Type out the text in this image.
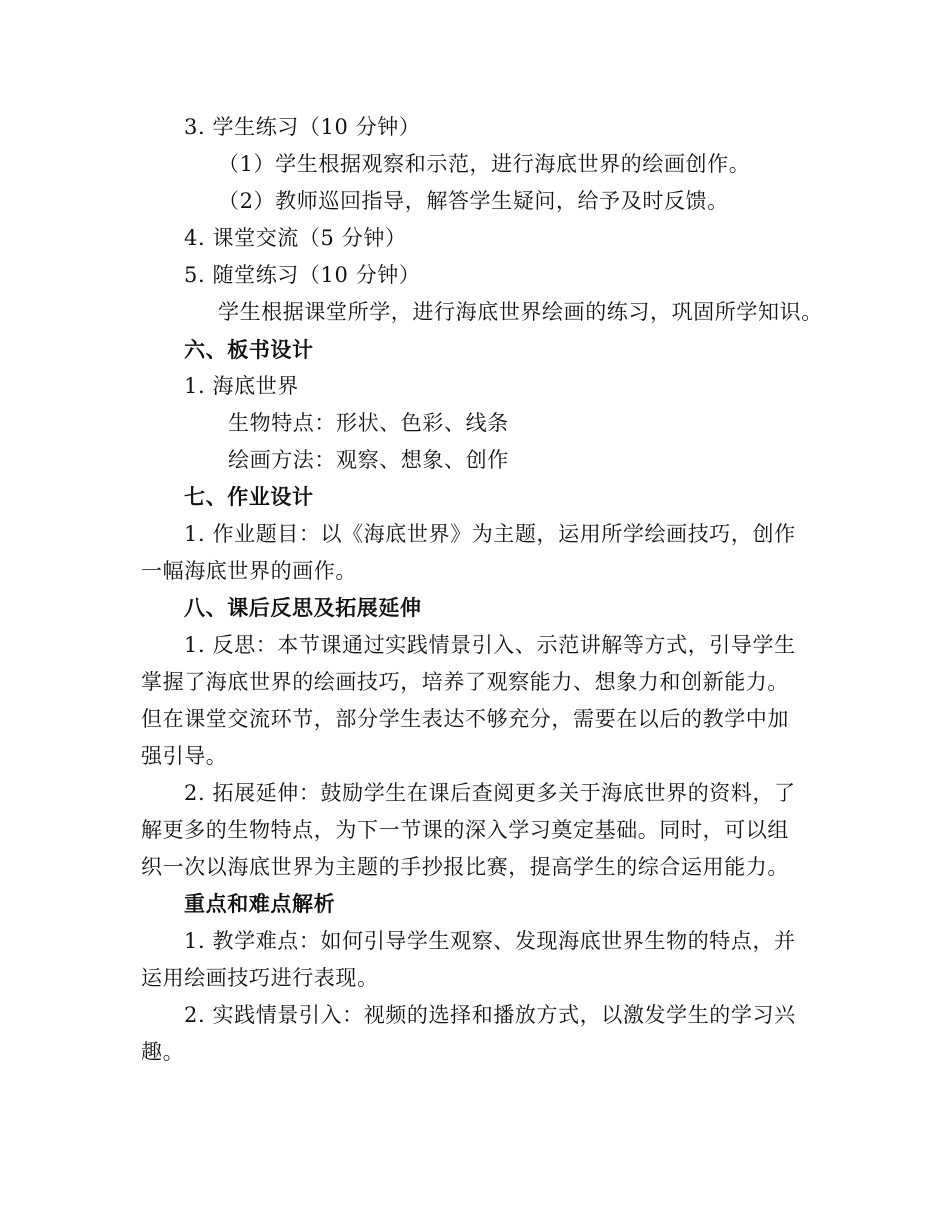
3. 学生练习（10 分钟）
（1）学生根据观察和示范，进行海底世界的绘画创作。
（2）教师巡回指导，解答学生疑问，给予及时反馈。
4. 课堂交流（5 分钟）
5. 随堂练习（10 分钟）
学生根据课堂所学，进行海底世界绘画的练习，巩固所学知识。
六、板书设计
1. 海底世界
生物特点：形状、色彩、线条
绘画方法：观察、想象、创作
七、作业设计
1. 作业题目：以《海底世界》为主题，运用所学绘画技巧，创作
一幅海底世界的画作。
八、课后反思及拓展延伸
1. 反思：本节课通过实践情景引入、示范讲解等方式，引导学生
掌握了海底世界的绘画技巧，培养了观察能力、想象力和创新能力。
但在课堂交流环节，部分学生表达不够充分，需要在以后的教学中加
强引导。
2. 拓展延伸：鼓励学生在课后查阅更多关于海底世界的资料，了
解更多的生物特点，为下一节课的深入学习奠定基础。同时，可以组
织一次以海底世界为主题的手抄报比赛，提高学生的综合运用能力。
重点和难点解析
1. 教学难点：如何引导学生观察、发现海底世界生物的特点，并
运用绘画技巧进行表现。
2. 实践情景引入：视频的选择和播放方式，以激发学生的学习兴
趣。
